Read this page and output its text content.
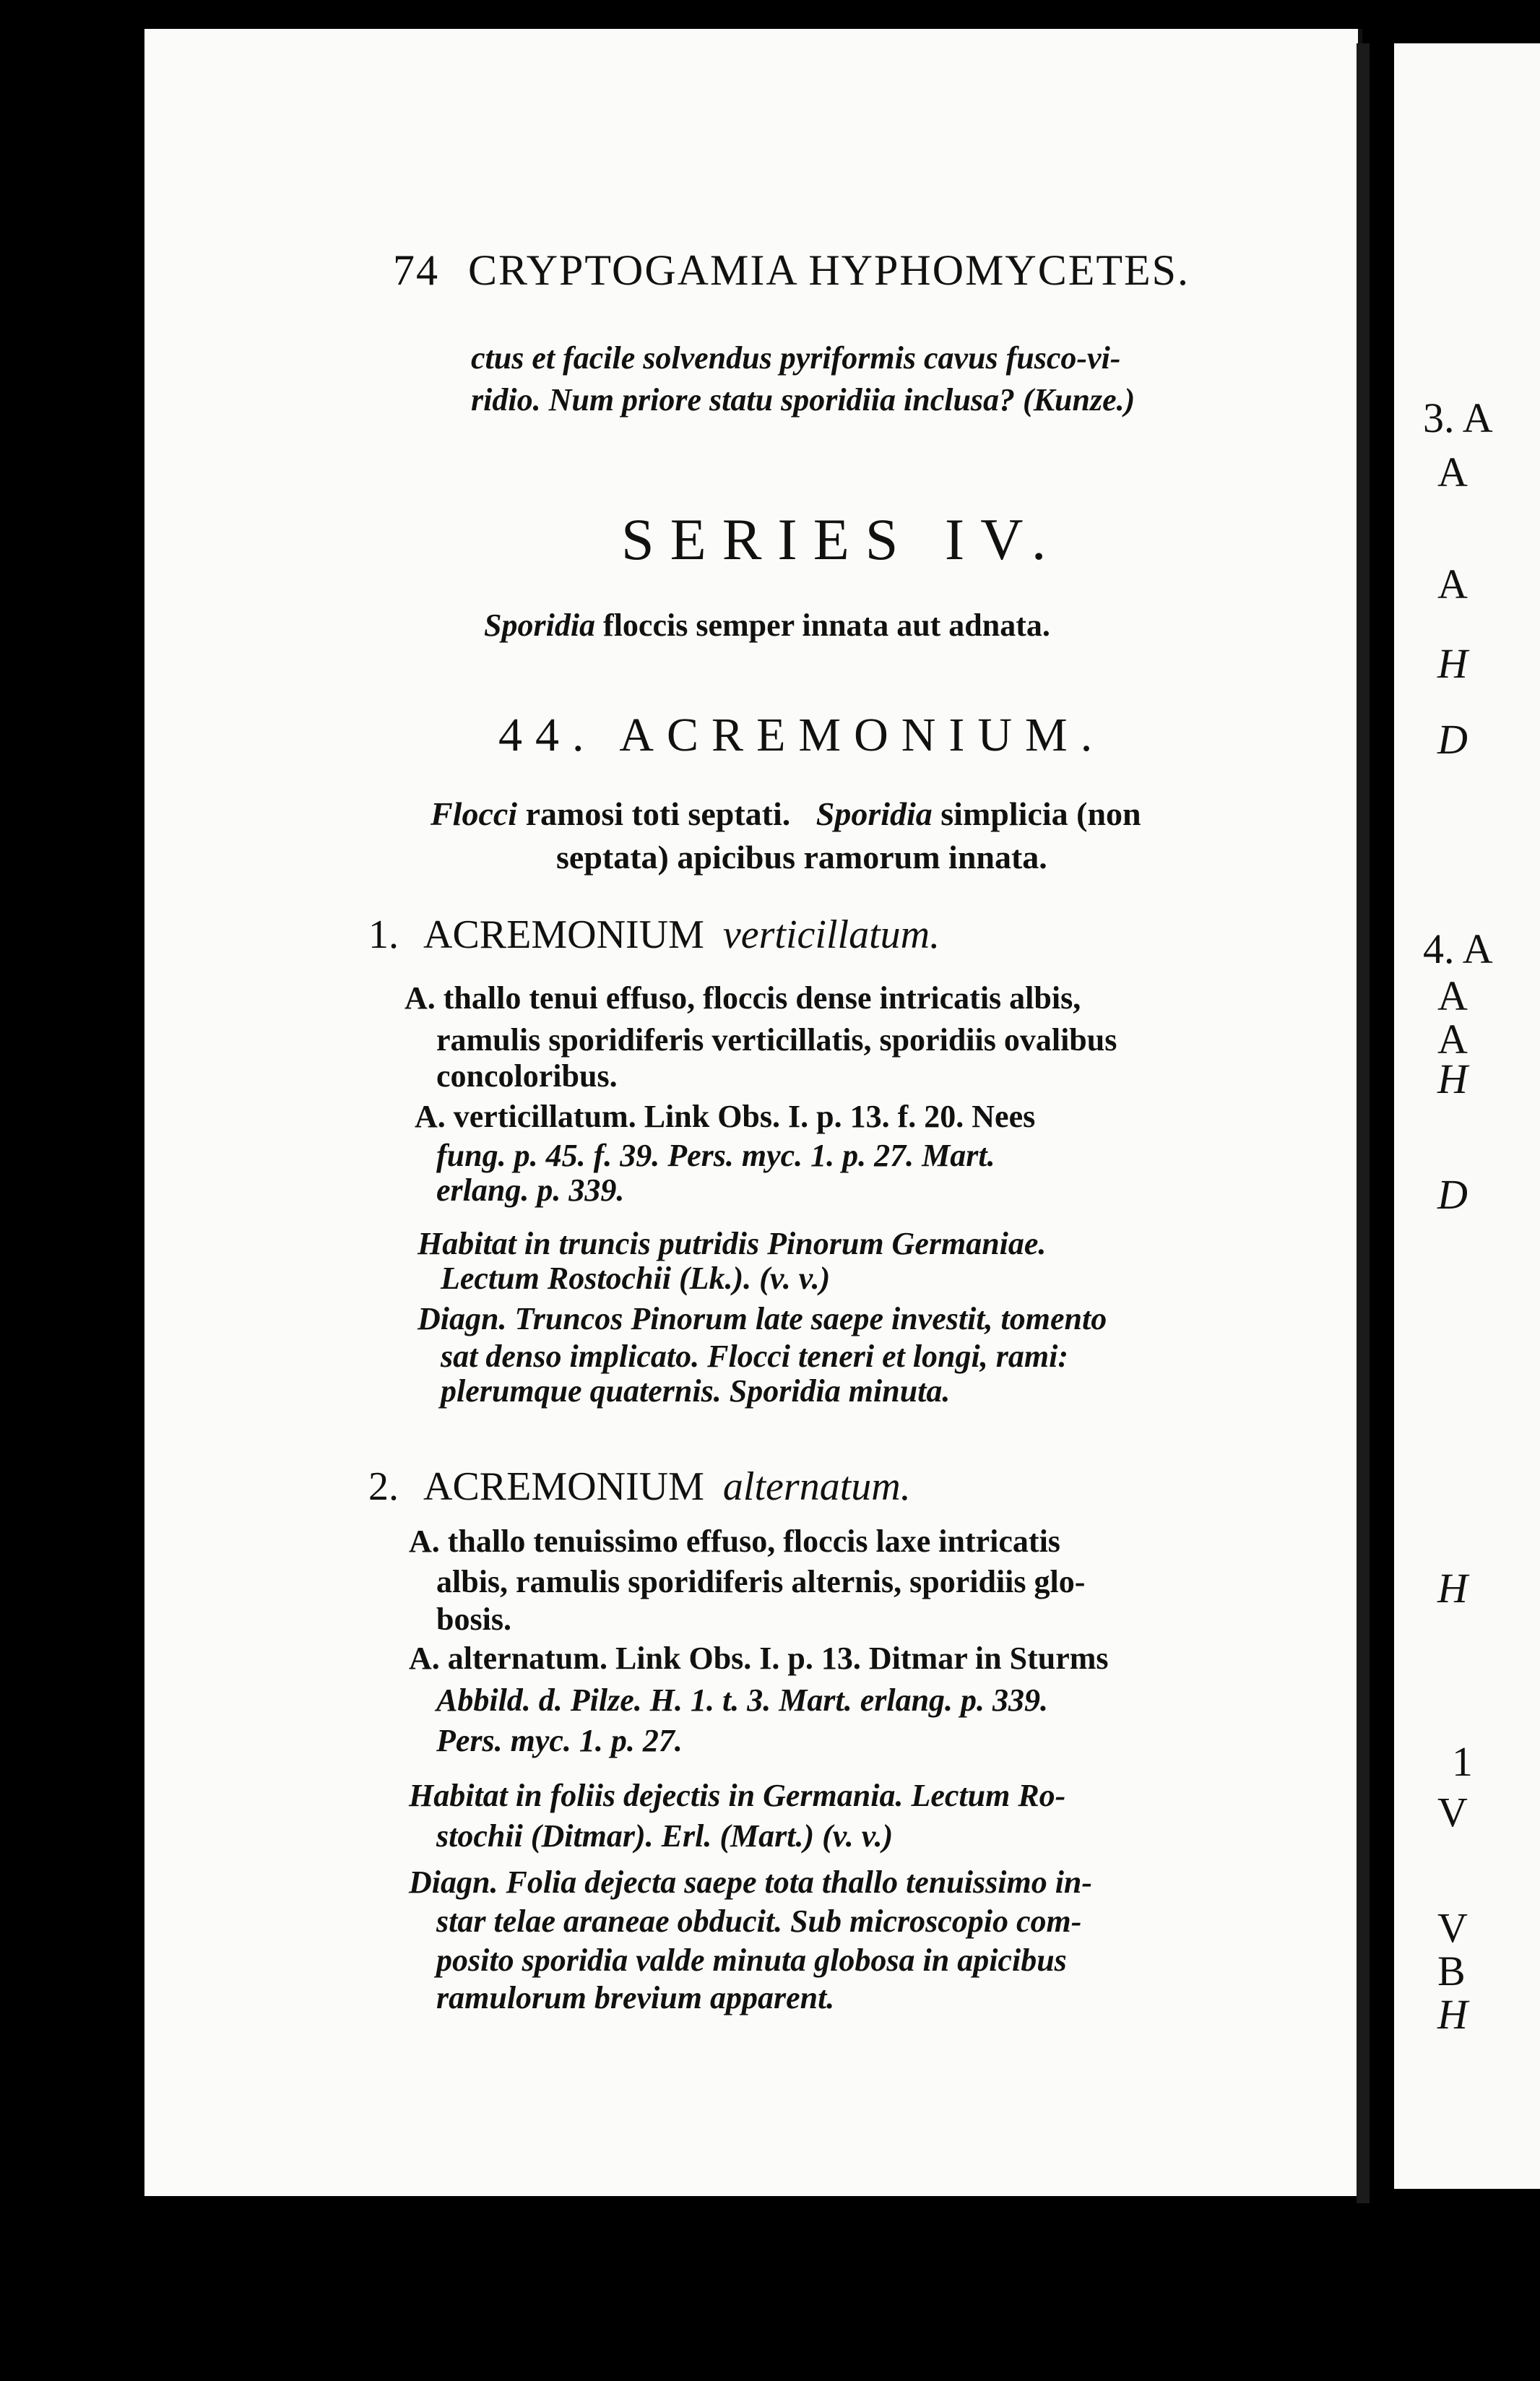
3. A
A
A
H
D
4. A
A
A
H
D
H
1
V
V
B
H
74 CRYPTOGAMIA HYPHOMYCETES.
ctus et facile solvendus pyriformis cavus fusco-vi-
ridio. Num priore statu sporidiia inclusa? (Kunze.)
SERIES IV.
Sporidia floccis semper innata aut adnata.
44. ACREMONIUM.
Flocci ramosi toti septati. Sporidia simplicia (non
septata) apicibus ramorum innata.
1. ACREMONIUM verticillatum.
A. thallo tenui effuso, floccis dense intricatis albis,
ramulis sporidiferis verticillatis, sporidiis ovalibus
concoloribus.
A. verticillatum. Link Obs. I. p. 13. f. 20. Nees
fung. p. 45. f. 39. Pers. myc. 1. p. 27. Mart.
erlang. p. 339.
Habitat in truncis putridis Pinorum Germaniae.
Lectum Rostochii (Lk.). (v. v.)
Diagn. Truncos Pinorum late saepe investit, tomento
sat denso implicato. Flocci teneri et longi, rami:
plerumque quaternis. Sporidia minuta.
2. ACREMONIUM alternatum.
A. thallo tenuissimo effuso, floccis laxe intricatis
albis, ramulis sporidiferis alternis, sporidiis glo-
bosis.
A. alternatum. Link Obs. I. p. 13. Ditmar in Sturms
Abbild. d. Pilze. H. 1. t. 3. Mart. erlang. p. 339.
Pers. myc. 1. p. 27.
Habitat in foliis dejectis in Germania. Lectum Ro-
stochii (Ditmar). Erl. (Mart.) (v. v.)
Diagn. Folia dejecta saepe tota thallo tenuissimo in-
star telae araneae obducit. Sub microscopio com-
posito sporidia valde minuta globosa in apicibus
ramulorum brevium apparent.
